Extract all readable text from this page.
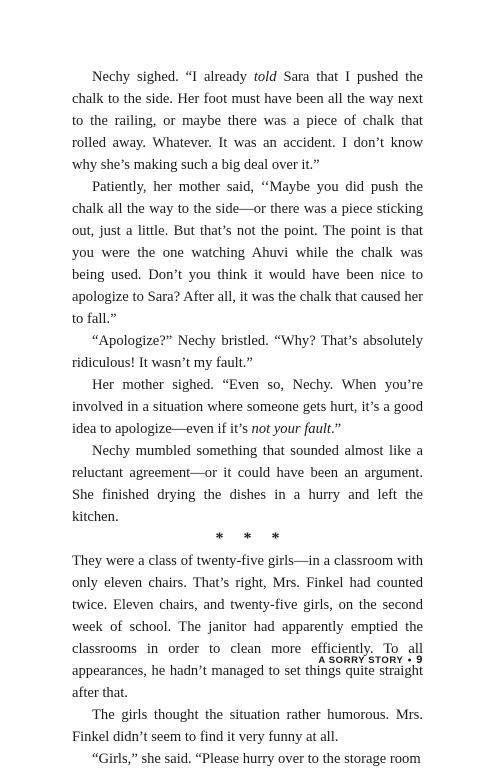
Nechy sighed. “I already told Sara that I pushed the chalk to the side. Her foot must have been all the way next to the railing, or maybe there was a piece of chalk that rolled away. Whatever. It was an accident. I don’t know why she’s making such a big deal over it.”

Patiently, her mother said, ‘‘Maybe you did push the chalk all the way to the side—or there was a piece sticking out, just a little. But that’s not the point. The point is that you were the one watching Ahuvi while the chalk was being used. Don’t you think it would have been nice to apologize to Sara? After all, it was the chalk that caused her to fall.”

“Apologize?” Nechy bristled. “Why? That’s absolutely ridiculous! It wasn’t my fault.”

Her mother sighed. “Even so, Nechy. When you’re involved in a situation where someone gets hurt, it’s a good idea to apologize—even if it’s not your fault.”

Nechy mumbled something that sounded almost like a reluctant agreement—or it could have been an argument. She finished drying the dishes in a hurry and left the kitchen.

* * *

They were a class of twenty-five girls—in a classroom with only eleven chairs. That’s right, Mrs. Finkel had counted twice. Eleven chairs, and twenty-five girls, on the second week of school. The janitor had apparently emptied the classrooms in order to clean more efficiently. To all appearances, he hadn’t managed to set things quite straight after that.

The girls thought the situation rather humorous. Mrs. Finkel didn’t seem to find it very funny at all.

“Girls,” she said. “Please hurry over to the storage room

A SORRY STORY ● 9
